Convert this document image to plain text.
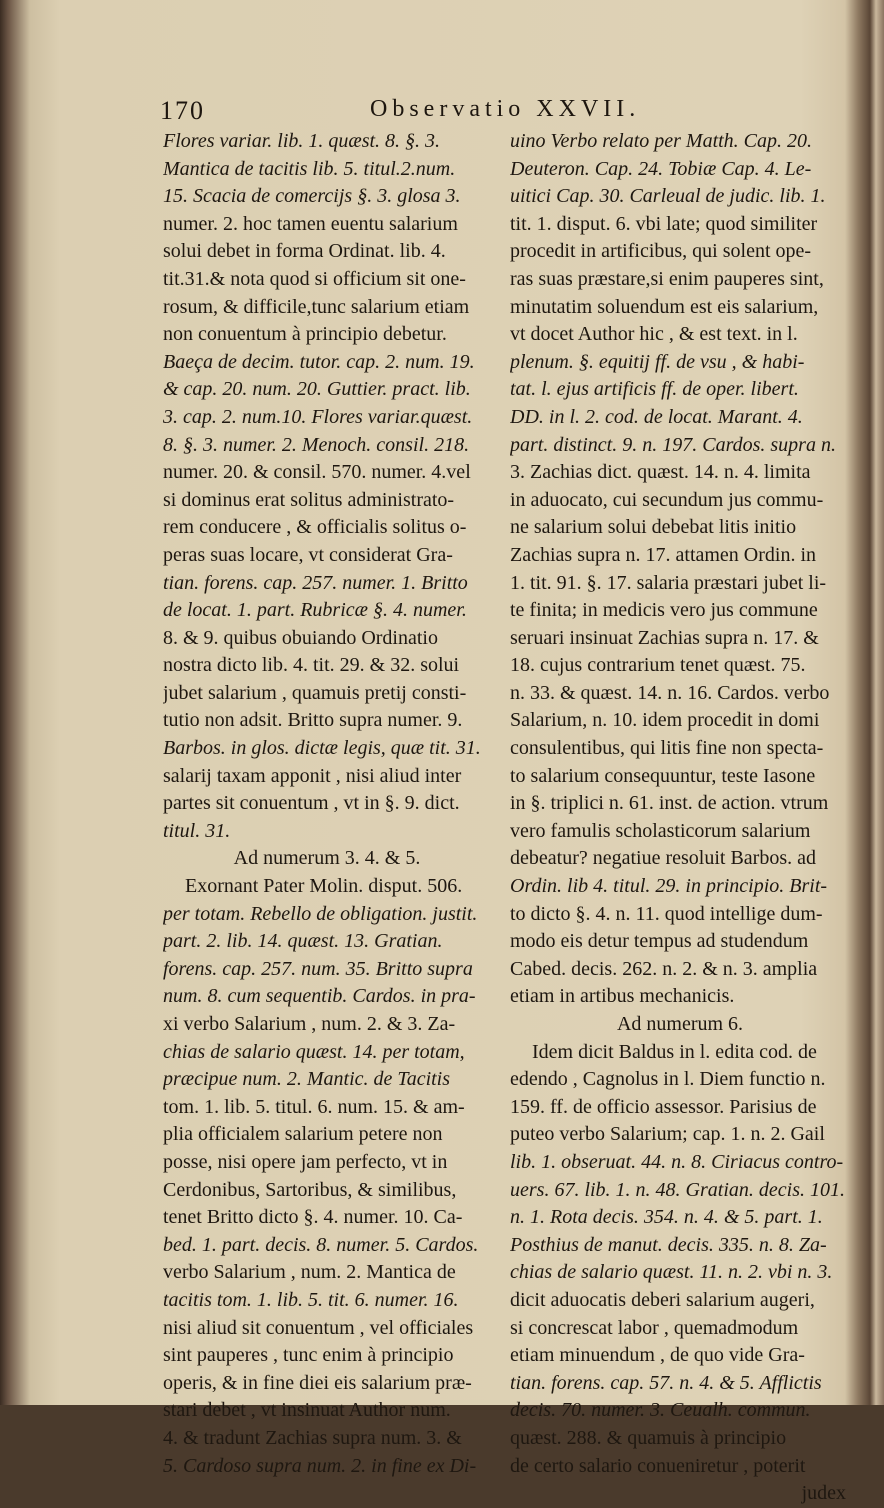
170	Observatio XXVII.
Flores variar. lib. 1. quæst. 8. §. 3.
Mantica de tacitis lib. 5. titul.2.num.
15. Scacia de comercijs §. 3. glosa 3.
numer. 2. hoc tamen euentu salarium
solui debet in forma Ordinat. lib. 4.
tit.31.& nota quod si officium sit one-
rosum, & difficile,tunc salarium etiam
non conuentum à principio debetur.
Baeça de decim. tutor. cap. 2. num. 19.
& cap. 20. num. 20. Guttier. pract. lib.
3. cap. 2. num.10. Flores variar.quæst.
8. §. 3. numer. 2. Menoch. consil. 218.
numer. 20. & consil. 570. numer. 4.vel
si dominus erat solitus administrato-
rem conducere , & officialis solitus o-
peras suas locare, vt considerat Gra-
tian. forens. cap. 257. numer. 1. Britto
de locat. 1. part. Rubricæ §. 4. numer.
8. & 9. quibus obuiando Ordinatio
nostra dicto lib. 4. tit. 29. & 32. solui
jubet salarium , quamuis pretij consti-
tutio non adsit. Britto supra numer. 9.
Barbos. in glos. dictæ legis, quæ tit. 31.
salarij taxam apponit , nisi aliud inter
partes sit conuentum , vt in §. 9. dict.
titul. 31.
Ad numerum 3. 4. & 5.
Exornant Pater Molin. disput. 506.
per totam. Rebello de obligation. justit.
part. 2. lib. 14. quæst. 13. Gratian.
forens. cap. 257. num. 35. Britto supra
num. 8. cum sequentib. Cardos. in pra-
xi verbo Salarium , num. 2. & 3. Za-
chias de salario quæst. 14. per totam,
præcipue num. 2. Mantic. de Tacitis
tom. 1. lib. 5. titul. 6. num. 15. & am-
plia officialem salarium petere non
posse, nisi opere jam perfecto, vt in
Cerdonibus, Sartoribus, & similibus,
tenet Britto dicto §. 4. numer. 10. Ca-
bed. 1. part. decis. 8. numer. 5. Cardos.
verbo Salarium , num. 2. Mantica de
tacitis tom. 1. lib. 5. tit. 6. numer. 16.
nisi aliud sit conuentum , vel officiales
sint pauperes , tunc enim à principio
operis, & in fine diei eis salarium præ-
stari debet , vt insinuat Author num.
4. & tradunt Zachias supra num. 3. &
5. Cardoso supra num. 2. in fine ex Di-
uino Verbo relato per Matth. Cap. 20.
Deuteron. Cap. 24. Tobiæ Cap. 4. Le-
uitici Cap. 30. Carleual de judic. lib. 1.
tit. 1. disput. 6. vbi late; quod similiter
procedit in artificibus, qui solent ope-
ras suas præstare,si enim pauperes sint,
minutatim soluendum est eis salarium,
vt docet Author hic , & est text. in l.
plenum. §. equitij ff. de vsu , & habi-
tat. l. ejus artificis ff. de oper. libert.
DD. in l. 2. cod. de locat. Marant. 4.
part. distinct. 9. n. 197. Cardos. supra n.
3. Zachias dict. quæst. 14. n. 4. limita
in aduocato, cui secundum jus commu-
ne salarium solui debebat litis initio
Zachias supra n. 17. attamen Ordin. in
1. tit. 91. §. 17. salaria præstari jubet li-
te finita; in medicis vero jus commune
seruari insinuat Zachias supra n. 17. &
18. cujus contrarium tenet quæst. 75.
n. 33. & quæst. 14. n. 16. Cardos. verbo
Salarium, n. 10. idem procedit in domi
consulentibus, qui litis fine non specta-
to salarium consequuntur, teste Iasone
in §. triplici n. 61. inst. de action. vtrum
vero famulis scholasticorum salarium
debeatur? negatiue resoluit Barbos. ad
Ordin. lib 4. titul. 29. in principio. Brit-
to dicto §. 4. n. 11. quod intellige dum-
modo eis detur tempus ad studendum
Cabed. decis. 262. n. 2. & n. 3. amplia
etiam in artibus mechanicis.
Ad numerum 6.
Idem dicit Baldus in l. edita cod. de
edendo , Cagnolus in l. Diem functio n.
159. ff. de officio assessor. Parisius de
puteo verbo Salarium; cap. 1. n. 2. Gail
lib. 1. obseruat. 44. n. 8. Ciriacus contro-
uers. 67. lib. 1. n. 48. Gratian. decis. 101.
n. 1. Rota decis. 354. n. 4. & 5. part. 1.
Posthius de manut. decis. 335. n. 8. Za-
chias de salario quæst. 11. n. 2. vbi n. 3.
dicit aduocatis deberi salarium augeri,
si concrescat labor , quemadmodum
etiam minuendum , de quo vide Gra-
tian. forens. cap. 57. n. 4. & 5. Afflictis
decis. 70. numer. 3. Ceualh. commun.
quæst. 288. & quamuis à principio
de certo salario conueniretur , poterit
judex
